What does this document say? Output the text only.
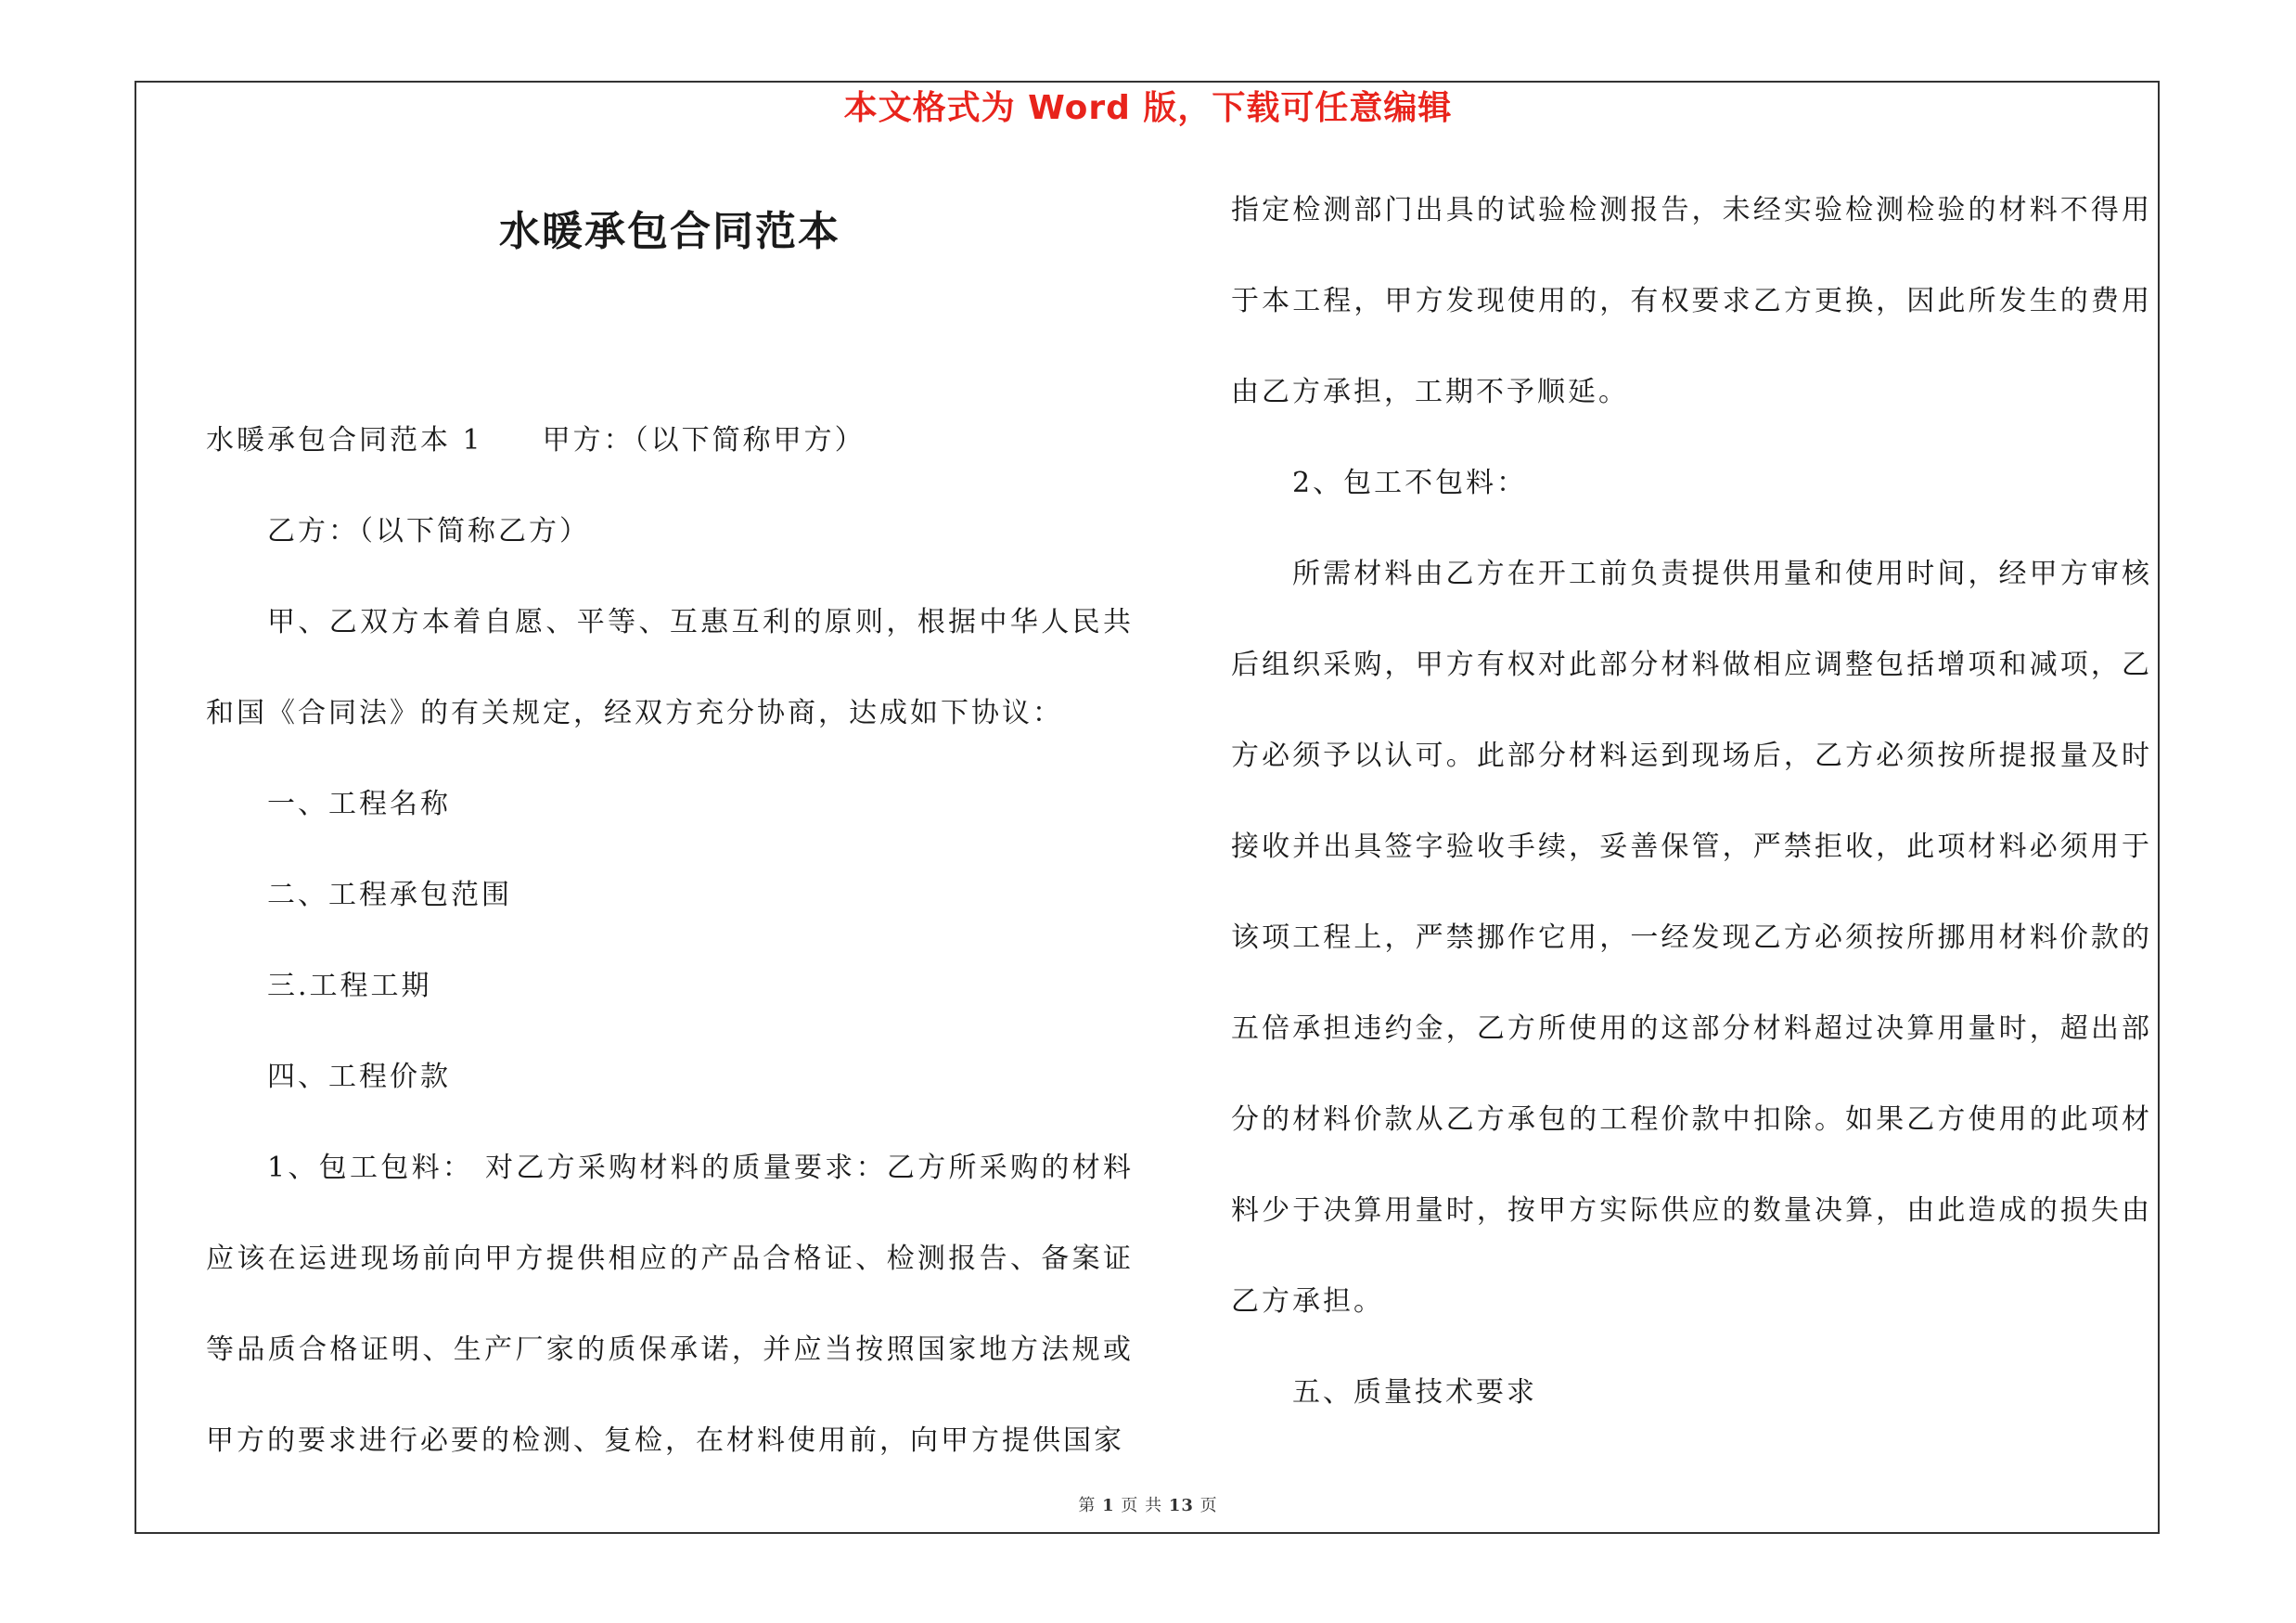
本文格式为 Word 版，下载可任意编辑
水暖承包合同范本

水暖承包合同范本 1 甲方：（以下简称甲方）

乙方：（以下简称乙方）

甲、乙双方本着自愿、平等、互惠互利的原则，根据中华人民共和国《合同法》的有关规定，经双方充分协商，达成如下协议：

一、工程名称

二、工程承包范围

三.工程工期

四、工程价款

1、包工包料： 对乙方采购材料的质量要求：乙方所采购的材料应该在运进现场前向甲方提供相应的产品合格证、检测报告、备案证等品质合格证明、生产厂家的质保承诺，并应当按照国家地方法规或甲方的要求进行必要的检测、复检，在材料使用前，向甲方提供国家

指定检测部门出具的试验检测报告，未经实验检测检验的材料不得用于本工程，甲方发现使用的，有权要求乙方更换，因此所发生的费用由乙方承担，工期不予顺延。

2、包工不包料：

所需材料由乙方在开工前负责提供用量和使用时间，经甲方审核后组织采购，甲方有权对此部分材料做相应调整包括增项和减项，乙方必须予以认可。此部分材料运到现场后，乙方必须按所提报量及时接收并出具签字验收手续，妥善保管，严禁拒收，此项材料必须用于该项工程上，严禁挪作它用，一经发现乙方必须按所挪用材料价款的五倍承担违约金，乙方所使用的这部分材料超过决算用量时，超出部分的材料价款从乙方承包的工程价款中扣除。如果乙方使用的此项材料少于决算用量时，按甲方实际供应的数量决算，由此造成的损失由乙方承担。

五、质量技术要求

第 1 页 共 13 页
